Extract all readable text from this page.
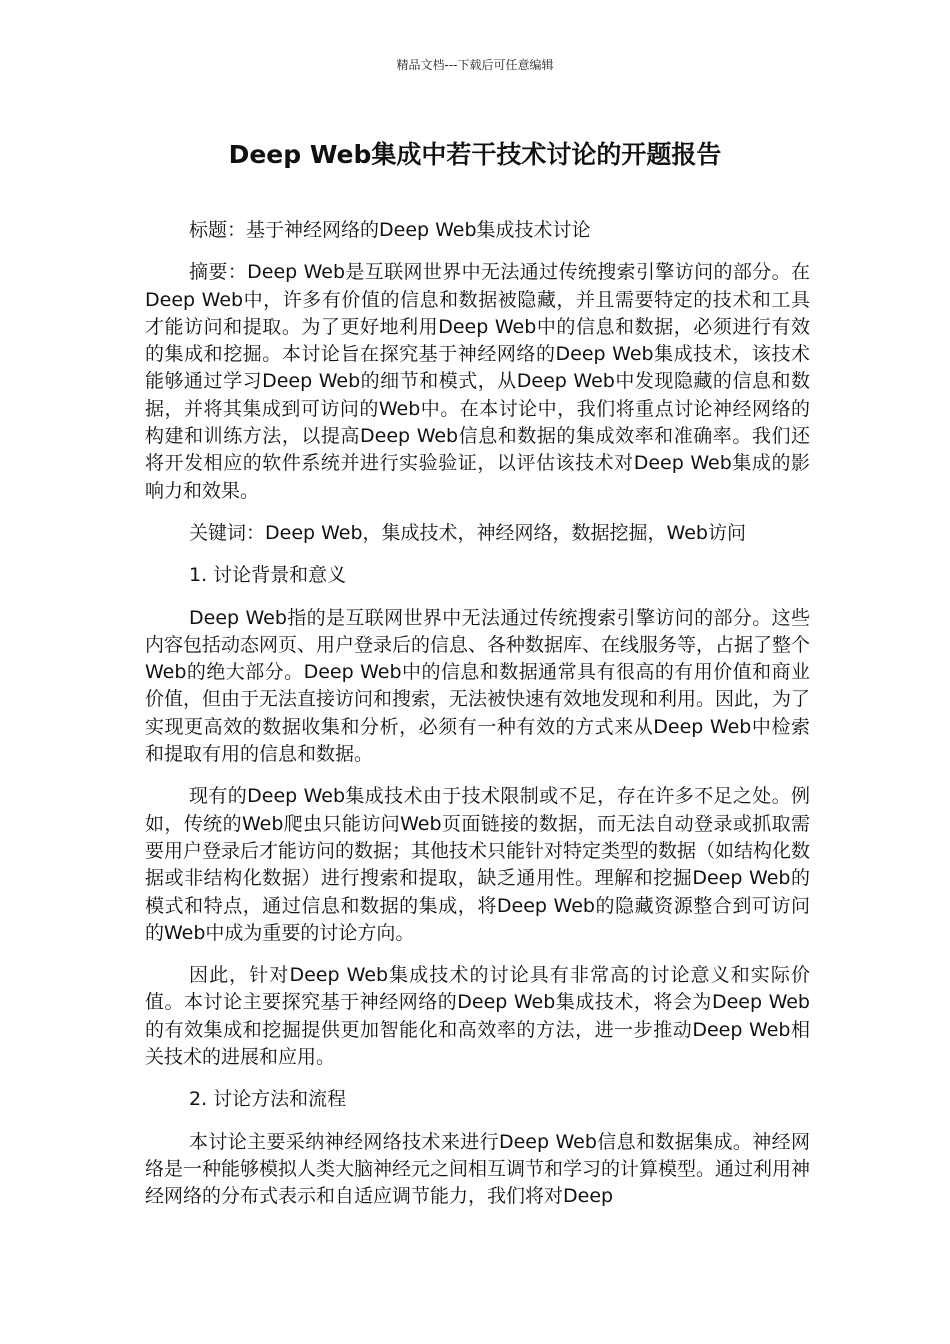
精品文档---下载后可任意编辑
Deep Web集成中若干技术讨论的开题报告

标题：基于神经网络的Deep Web集成技术讨论

摘要：Deep Web是互联网世界中无法通过传统搜索引擎访问的部分。在Deep Web中，许多有价值的信息和数据被隐藏，并且需要特定的技术和工具才能访问和提取。为了更好地利用Deep Web中的信息和数据，必须进行有效的集成和挖掘。本讨论旨在探究基于神经网络的Deep Web集成技术，该技术能够通过学习Deep Web的细节和模式，从Deep Web中发现隐藏的信息和数据，并将其集成到可访问的Web中。在本讨论中，我们将重点讨论神经网络的构建和训练方法，以提高Deep Web信息和数据的集成效率和准确率。我们还将开发相应的软件系统并进行实验验证，以评估该技术对Deep Web集成的影响力和效果。

关键词：Deep Web，集成技术，神经网络，数据挖掘，Web访问

1. 讨论背景和意义

Deep Web指的是互联网世界中无法通过传统搜索引擎访问的部分。这些内容包括动态网页、用户登录后的信息、各种数据库、在线服务等，占据了整个Web的绝大部分。Deep Web中的信息和数据通常具有很高的有用价值和商业价值，但由于无法直接访问和搜索，无法被快速有效地发现和利用。因此，为了实现更高效的数据收集和分析，必须有一种有效的方式来从Deep Web中检索和提取有用的信息和数据。

现有的Deep Web集成技术由于技术限制或不足，存在许多不足之处。例如，传统的Web爬虫只能访问Web页面链接的数据，而无法自动登录或抓取需要用户登录后才能访问的数据；其他技术只能针对特定类型的数据（如结构化数据或非结构化数据）进行搜索和提取，缺乏通用性。理解和挖掘Deep Web的模式和特点，通过信息和数据的集成，将Deep Web的隐藏资源整合到可访问的Web中成为重要的讨论方向。

因此，针对Deep Web集成技术的讨论具有非常高的讨论意义和实际价值。本讨论主要探究基于神经网络的Deep Web集成技术，将会为Deep Web的有效集成和挖掘提供更加智能化和高效率的方法，进一步推动Deep Web相关技术的进展和应用。

2. 讨论方法和流程

本讨论主要采纳神经网络技术来进行Deep Web信息和数据集成。神经网络是一种能够模拟人类大脑神经元之间相互调节和学习的计算模型。通过利用神经网络的分布式表示和自适应调节能力，我们将对Deep
